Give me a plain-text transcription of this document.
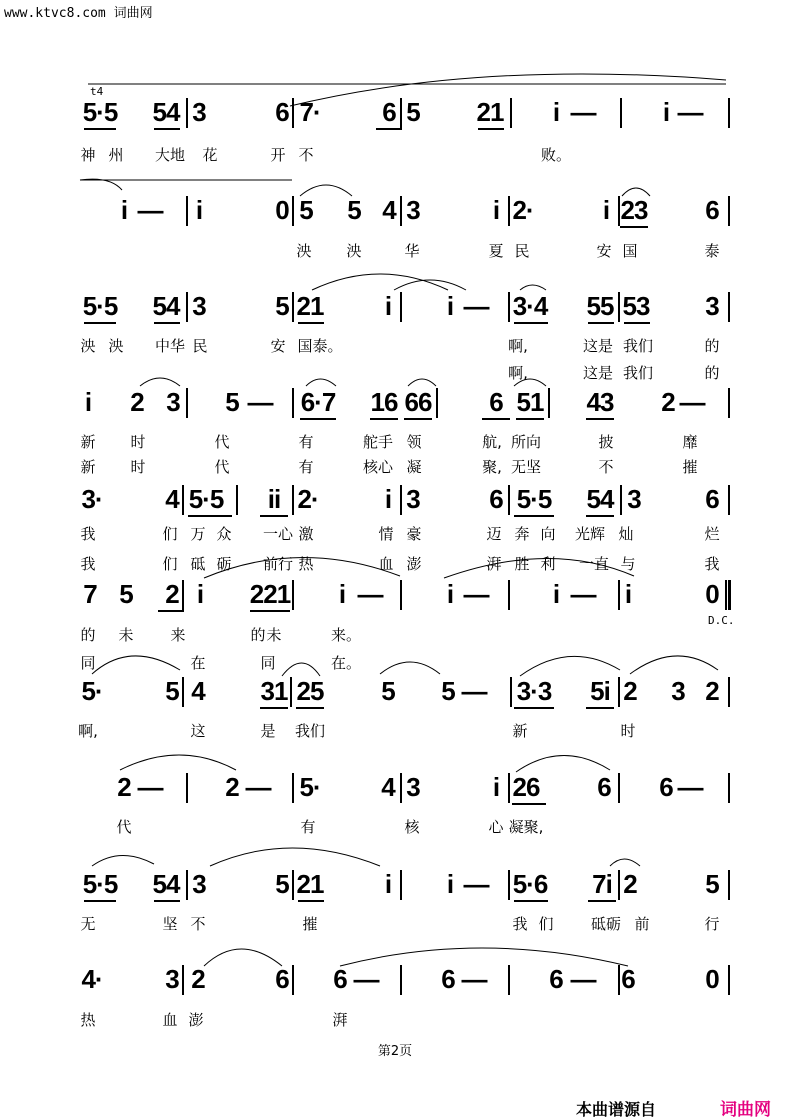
www.ktvc8.com 词曲网
t4
5·5 54 3	6 7· 6 5 21 i —	i —
神 州 大地 花	开 不	败。
i — i	0 5 5 4 3	i 2·	i 23 6
泱 泱	华	夏 民	安 国	泰
5·5 54 3	5 21 i i — 3·4 55 53 3
泱 泱 中华 民	安 国泰。	啊,	这是 我们	的
啊,	这是 我们	的
i 2 3 5 — 6·7 16 66 6 51 43 2 —
新 时	代	有	舵手 领	航, 所向	披	靡
新 时	代	有	核心 凝	聚, 无坚	不	摧
3· 4 5·5 ii 2·	i 3	6 5·5 54 3 6
我	们 万 众 一心 激	情 豪	迈 奔 向 光辉 灿	烂
我	们 砥 砺 前行 热	血 澎	湃 胜 利 一直 与	我
7 5 2 i 221 i — i — i — i	0
的 未 来	的 未	来。
同	在	同	在。
D.C.
5· 5 4 31 25 5 5 — 3·3 5i 2 3 2
啊,	这	是 我们	新	时
2 — 2 — 5· 4 3	i 26 6 6 —
代	有	核	心 凝聚,
5·5 54 3	5 21 i i — 5·6 7i 2	5
无	坚 不	摧	我 们 砥砺 前	行
4· 3 2	6 6 — 6 — 6 — 6	0
热	血 澎	湃
第2页
本曲谱源自	词曲网
